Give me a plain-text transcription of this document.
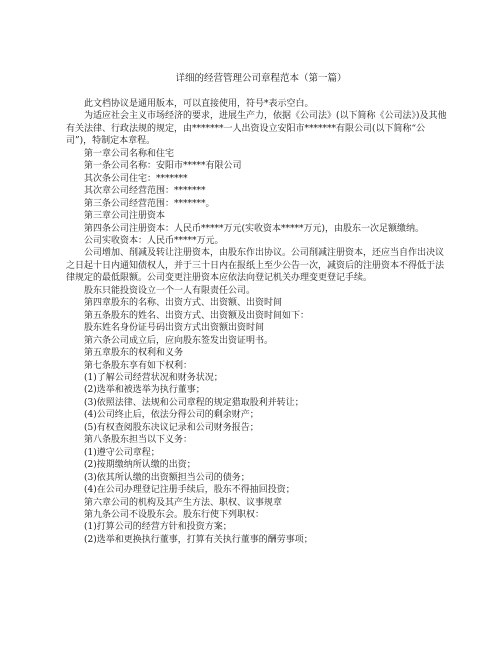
详细的经营管理公司章程范本（第一篇）

此文档协议是通用版本，可以直接使用，符号*表示空白。

为适应社会主义市场经济的要求，进展生产力，依据《公司法》(以下简称《公司法》)及其他有关法律、行政法规的规定，由*******一人出资设立安阳市*******有限公司(以下简称“公司”)，特制定本章程。

第一章公司名称和住宅

第一条公司名称：安阳市*****有限公司

其次条公司住宅：*******

其次章公司经营范围：*******

第三条公司经营范围：*******。

第三章公司注册资本

第四条公司注册资本：人民币*****万元(实收资本*****万元)，由股东一次足额缴纳。

公司实收资本：人民币*****万元。

公司增加、削减及转让注册资本，由股东作出协议。公司削减注册资本，还应当自作出决议之日起十日内通知债权人，并于三十日内在报纸上至少公告一次，减资后的注册资本不得低于法律规定的最低限额。公司变更注册资本应依法向登记机关办理变更登记手续。

股东只能投资设立一个一人有限责任公司。

第四章股东的名称、出资方式、出资额、出资时间

第五条股东的姓名、出资方式、出资额及出资时间如下：

股东姓名身份证号码出资方式出资额出资时间

第六条公司成立后，应向股东签发出资证明书。

第五章股东的权利和义务

第七条股东享有如下权利：

(1)了解公司经营状况和财务状况；

(2)选举和被选举为执行董事；

(3)依照法律、法规和公司章程的规定猎取股利并转让；

(4)公司终止后，依法分得公司的剩余财产；

(5)有权查阅股东决议记录和公司财务报告；

第八条股东担当以下义务：

(1)遵守公司章程；

(2)按期缴纳所认缴的出资；

(3)依其所认缴的出资额担当公司的债务；

(4)在公司办理登记注册手续后，股东不得抽回投资；

第六章公司的机构及其产生方法、职权、议事规章

第九条公司不设股东会。股东行使下列职权：

(1)打算公司的经营方针和投资方案；

(2)选举和更换执行董事，打算有关执行董事的酬劳事项；
